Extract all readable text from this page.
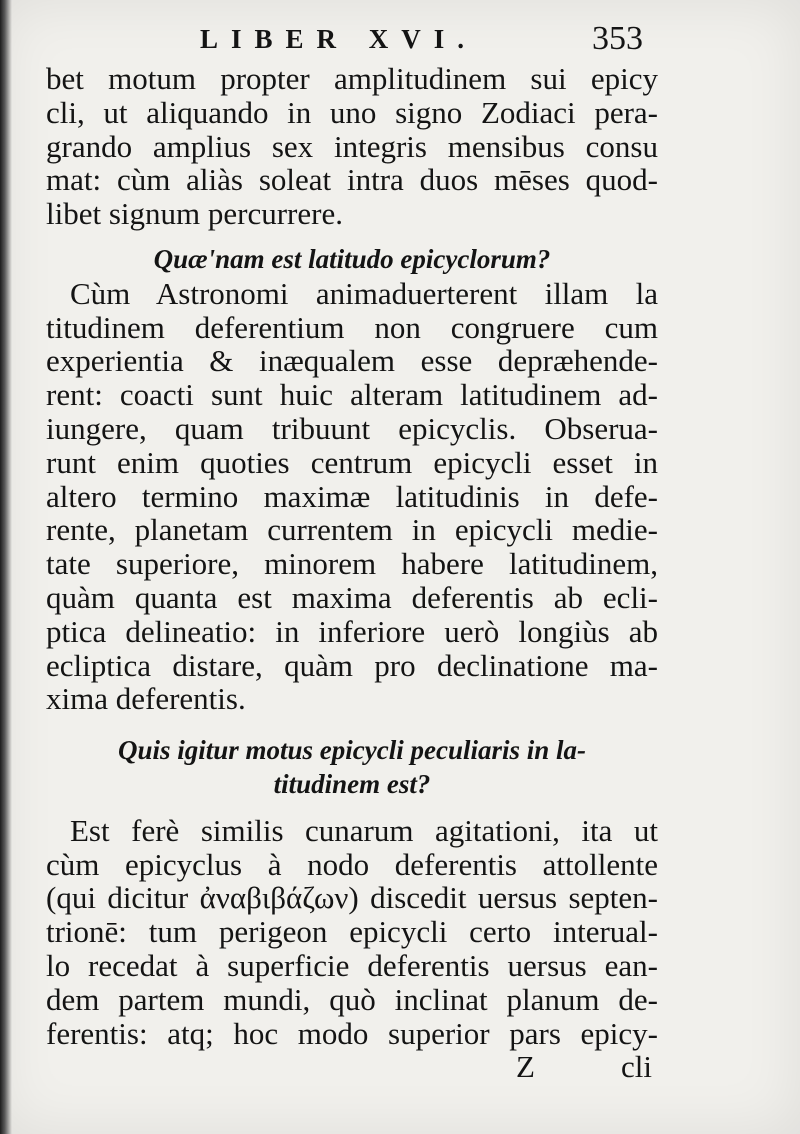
LIBER XVI.	353
bet motum propter amplitudinem sui epicy
cli, ut aliquando in uno signo Zodiaci pera-
grando amplius sex integris mensibus consu
mat: cùm aliàs soleat intra duos mēses quod-
libet signum percurrere.
Quæ'nam est latitudo epicyclorum?
Cùm Astronomi animaduerterent illam la
titudinem deferentium non congruere cum
experientia & inæqualem esse depræhende-
rent: coacti sunt huic alteram latitudinem ad-
iungere, quam tribuunt epicyclis. Obserua-
runt enim quoties centrum epicycli esset in
altero termino maximæ latitudinis in defe-
rente, planetam currentem in epicycli medie-
tate superiore, minorem habere latitudinem,
quàm quanta est maxima deferentis ab ecli-
ptica delineatio: in inferiore uerò longiùs ab
ecliptica distare, quàm pro declinatione ma-
xima deferentis.
Quis igitur motus epicycli peculiaris in la-
titudinem est?
Est ferè similis cunarum agitationi, ita ut
cùm epicyclus à nodo deferentis attollente
(qui dicitur ἀναβιβάζων) discedit uersus septen-
trionē: tum perigeon epicycli certo interual-
lo recedat à superficie deferentis uersus ean-
dem partem mundi, quò inclinat planum de-
ferentis: atq; hoc modo superior pars epicy-
Z	cli
